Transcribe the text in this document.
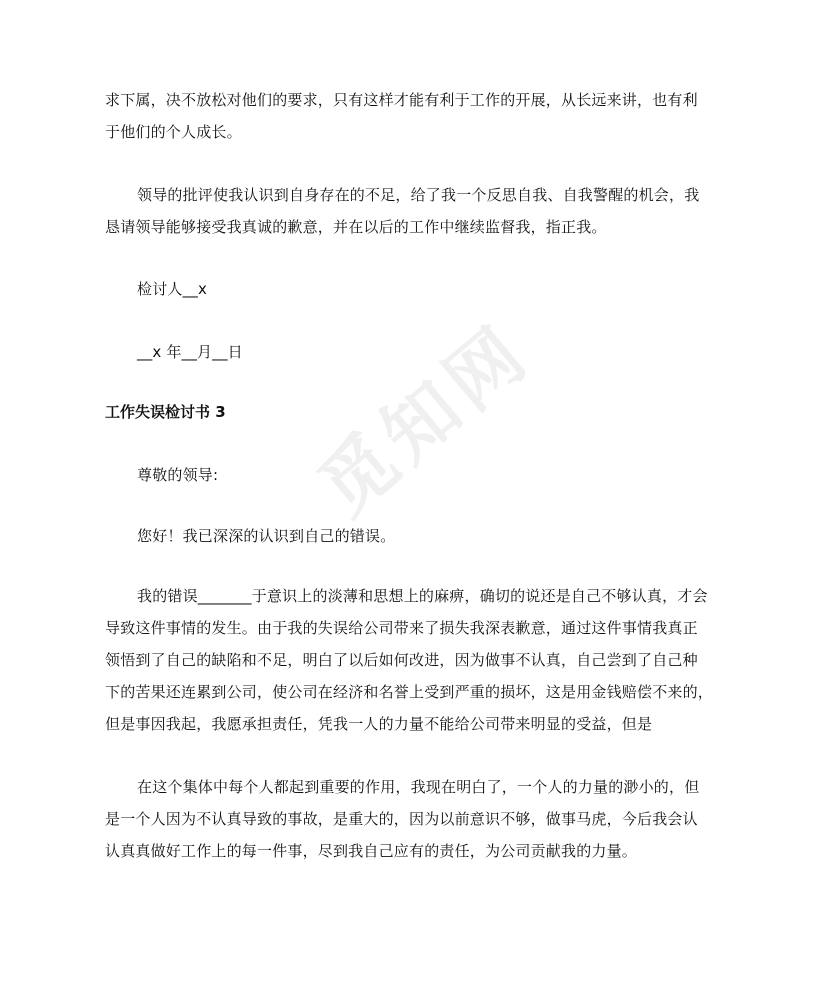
觅知网

求下属，决不放松对他们的要求，只有这样才能有利于工作的开展，从长远来讲，也有利
于他们的个人成长。

领导的批评使我认识到自身存在的不足，给了我一个反思自我、自我警醒的机会，我
恳请领导能够接受我真诚的歉意，并在以后的工作中继续监督我，指正我。

检讨人__x

__x 年__月__日

工作失误检讨书 3

尊敬的领导:

您好！我已深深的认识到自己的错误。

我的错误_______于意识上的淡薄和思想上的麻痹，确切的说还是自己不够认真，才会
导致这件事情的发生。由于我的失误给公司带来了损失我深表歉意，通过这件事情我真正
领悟到了自己的缺陷和不足，明白了以后如何改进，因为做事不认真，自己尝到了自己种
下的苦果还连累到公司，使公司在经济和名誉上受到严重的损坏，这是用金钱赔偿不来的，
但是事因我起，我愿承担责任，凭我一人的力量不能给公司带来明显的受益，但是

在这个集体中每个人都起到重要的作用，我现在明白了，一个人的力量的渺小的，但
是一个人因为不认真导致的事故，是重大的，因为以前意识不够，做事马虎，今后我会认
认真真做好工作上的每一件事，尽到我自己应有的责任，为公司贡献我的力量。
